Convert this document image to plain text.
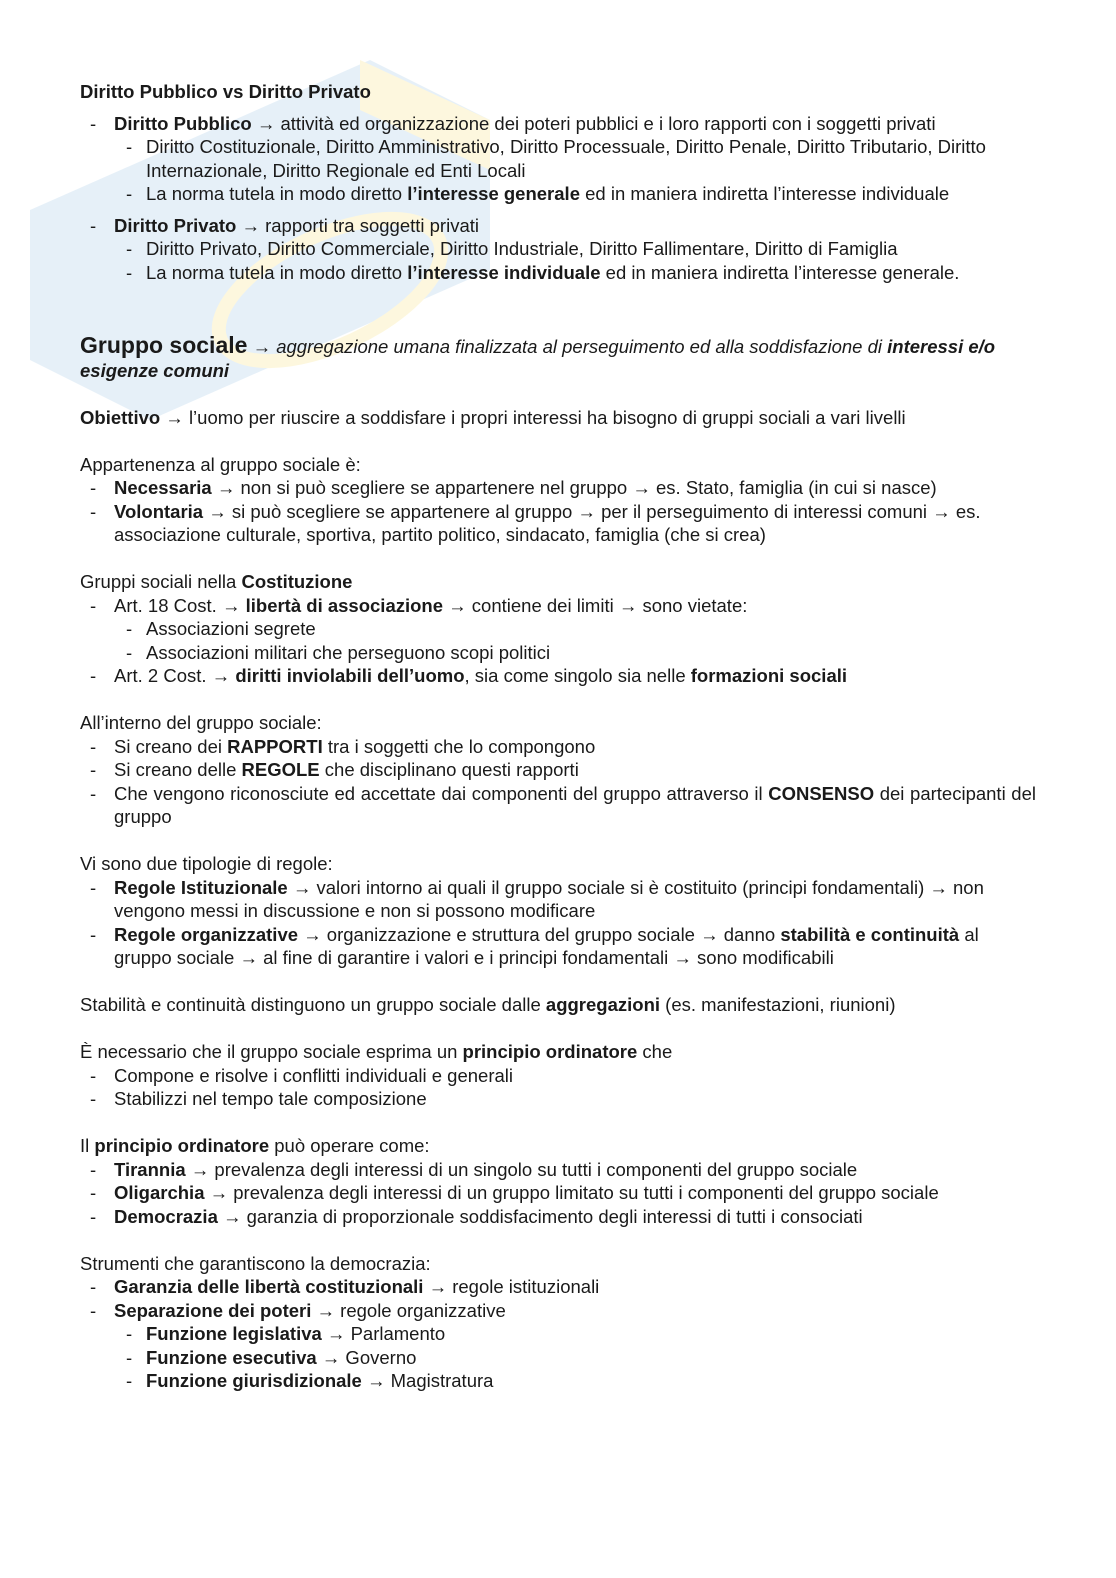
Diritto Pubblico vs Diritto Privato

- Diritto Pubblico → attività ed organizzazione dei poteri pubblici e i loro rapporti con i soggetti privati
- Diritto Costituzionale, Diritto Amministrativo, Diritto Processuale, Diritto Penale, Diritto Tributario, Diritto Internazionale, Diritto Regionale ed Enti Locali
- La norma tutela in modo diretto l’interesse generale ed in maniera indiretta l’interesse individuale
- Diritto Privato → rapporti tra soggetti privati
- Diritto Privato, Diritto Commerciale, Diritto Industriale, Diritto Fallimentare, Diritto di Famiglia
- La norma tutela in modo diretto l’interesse individuale ed in maniera indiretta l’interesse generale.

Gruppo sociale → aggregazione umana finalizzata al perseguimento ed alla soddisfazione di interessi e/o esigenze comuni

Obiettivo → l’uomo per riuscire a soddisfare i propri interessi ha bisogno di gruppi sociali a vari livelli

Appartenenza al gruppo sociale è:

- Necessaria → non si può scegliere se appartenere nel gruppo → es. Stato, famiglia (in cui si nasce)
- Volontaria → si può scegliere se appartenere al gruppo → per il perseguimento di interessi comuni → es. associazione culturale, sportiva, partito politico, sindacato, famiglia (che si crea)

Gruppi sociali nella Costituzione

- Art. 18 Cost. → libertà di associazione → contiene dei limiti → sono vietate:
- Associazioni segrete
- Associazioni militari che perseguono scopi politici
- Art. 2 Cost. → diritti inviolabili dell’uomo, sia come singolo sia nelle formazioni sociali

All’interno del gruppo sociale:

- Si creano dei RAPPORTI tra i soggetti che lo compongono
- Si creano delle REGOLE che disciplinano questi rapporti
- Che vengono riconosciute ed accettate dai componenti del gruppo attraverso il CONSENSO dei partecipanti del gruppo

Vi sono due tipologie di regole:

- Regole Istituzionale → valori intorno ai quali il gruppo sociale si è costituito (principi fondamentali) → non vengono messi in discussione e non si possono modificare
- Regole organizzative → organizzazione e struttura del gruppo sociale → danno stabilità e continuità al gruppo sociale → al fine di garantire i valori e i principi fondamentali → sono modificabili

Stabilità e continuità distinguono un gruppo sociale dalle aggregazioni (es. manifestazioni, riunioni)

È necessario che il gruppo sociale esprima un principio ordinatore che

- Compone e risolve i conflitti individuali e generali
- Stabilizzi nel tempo tale composizione

Il principio ordinatore può operare come:

- Tirannia → prevalenza degli interessi di un singolo su tutti i componenti del gruppo sociale
- Oligarchia → prevalenza degli interessi di un gruppo limitato su tutti i componenti del gruppo sociale
- Democrazia → garanzia di proporzionale soddisfacimento degli interessi di tutti i consociati

Strumenti che garantiscono la democrazia:

- Garanzia delle libertà costituzionali → regole istituzionali
- Separazione dei poteri → regole organizzative
- Funzione legislativa → Parlamento
- Funzione esecutiva → Governo
- Funzione giurisdizionale → Magistratura
